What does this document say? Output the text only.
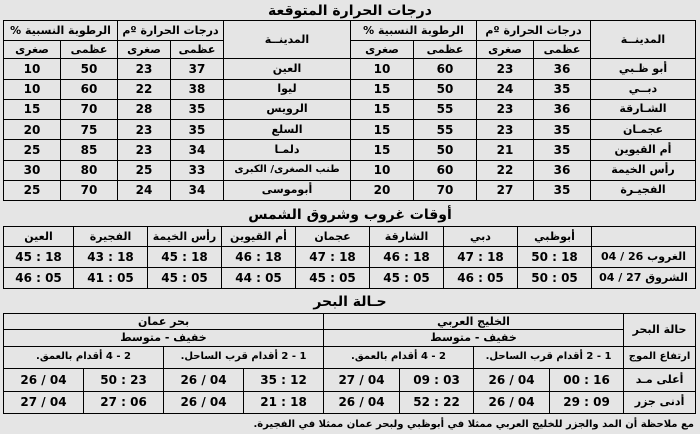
درجات الحرارة المتوقعة
المدينــة	درجات الحرارة ºم		الرطوبة النسبية %	
	عظمى	صغرى	عظمى	صغرى
أبو ظـبي	36	23	60	10
دبــي	35	24	50	15
الشـارقة	36	23	55	15
عجمـان	35	23	55	15
أم القيوين	35	21	50	15
رأس الخيمة	36	22	60	10
الفجيـرة	35	27	70	20
المدينــة	درجات الحرارة ºم		الرطوبة النسبية %	
	عظمى	صغرى	عظمى	صغرى
العين	37	23	50	10
ليوا	38	22	60	10
الرويس	35	28	70	15
السلع	35	23	75	20
دلمـا	34	23	85	25
طنب الصغرى/ الكبرى	33	25	80	30
أبوموسى	34	24	70	25
أوقات غروب وشروق الشمس
	أبوظبي	دبي	الشارقة	عجمان	أم القيوين	رأس الخيمة	الفجيرة	العين
الغروب 26 / 04	18 : 50	18 : 47	18 : 46	18 : 47	18 : 46	18 : 45	18 : 43	18 : 45
الشروق 27 / 04	05 : 50	05 : 46	05 : 45	05 : 45	05 : 44	05 : 45	05 : 41	05 : 46
حـالة البحر
حالة البحر	الخليج العربي				بحر عمان			
	خفيف - متوسط				خفيف - متوسط			
ارتفاع الموج	1 - 2 أقدام قرب الساحل.		2 - 4 أقدام بالعمق.		1 - 2 أقدام قرب الساحل.		2 - 4 أقدام بالعمق.	
أعلى مـد	16 : 00	04 / 26	03 : 09	04 / 27	12 : 35	04 / 26	23 : 50	04 / 26
أدنى جزر	09 : 29	04 / 26	22 : 52	04 / 26	18 : 21	04 / 26	06 : 27	04 / 27
مع ملاحظة أن المد والجزر للخليج العربي ممثلا في أبوظبي ولبحر عمان ممثلا في الفجيرة.
